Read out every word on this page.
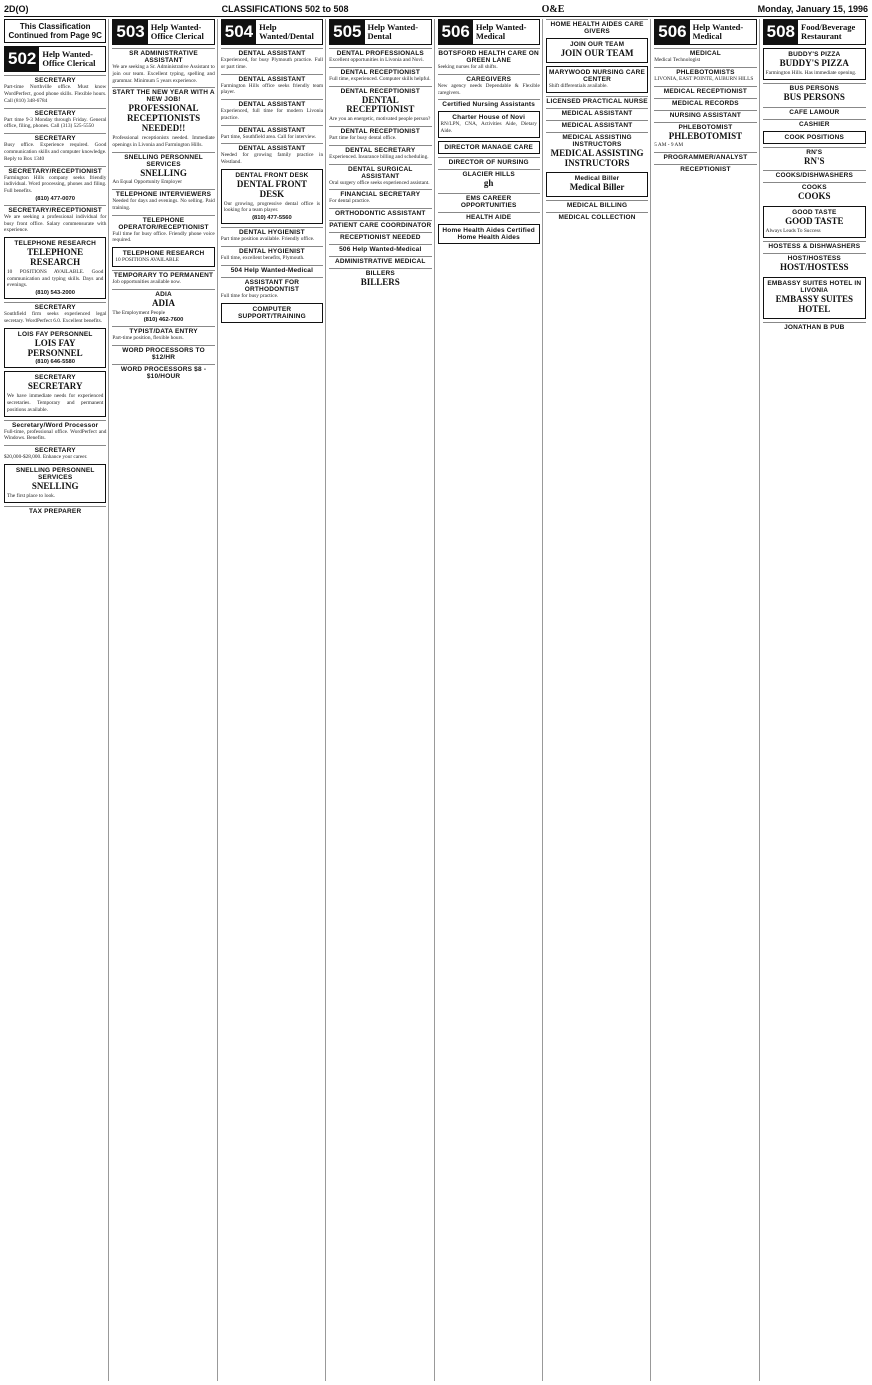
2D(O)	CLASSIFICATIONS 502 to 508	O&E	Monday, January 15, 1996
This Classification Continued from Page 9C
502 Help Wanted- Office Clerical
SECRETARY

Part-time Northville office. Must know WordPerfect, good phone skills. Flexible hours. Call (810) 348-6784

SECRETARY

Part time 9-3 Monday through Friday. General office, filing, phones. Call (313) 525-5550

SECRETARY

Busy office. Experience required. Good communication skills and computer knowledge. Reply to Box 1340

SECRETARY/RECEPTIONIST

Farmington Hills company seeks friendly individual. Word processing, phones and filing. Full benefits.

(810) 477-0070
SECRETARY/RECEPTIONIST

We are seeking a professional individual for busy front office. Salary commensurate with experience.

TELEPHONE RESEARCH
TELEPHONE RESEARCH

10 POSITIONS AVAILABLE. Good communication and typing skills. Days and evenings.

(810) 543-2000
SECRETARY

Southfield firm seeks experienced legal secretary. WordPerfect 6.0. Excellent benefits.

LOIS FAY PERSONNEL
LOIS FAY PERSONNEL
(810) 646-5580
SECRETARY
SECRETARY

We have immediate needs for experienced secretaries. Temporary and permanent positions available.

Secretary/Word Processor

Full-time, professional office. WordPerfect and Windows. Benefits.

SECRETARY

$20,000-$28,000. Enhance your career.

SNELLING PERSONNEL SERVICES
SNELLING

The first place to look.

TAX PREPARER
503 Help Wanted- Office Clerical
SR ADMINISTRATIVE ASSISTANT

We are seeking a Sr. Administrative Assistant to join our team. Excellent typing, spelling and grammar. Minimum 5 years experience.

START THE NEW YEAR WITH A NEW JOB!
PROFESSIONAL RECEPTIONISTS NEEDED!!

Professional receptionists needed. Immediate openings in Livonia and Farmington Hills.

SNELLING PERSONNEL SERVICES
SNELLING

An Equal Opportunity Employer

TELEPHONE INTERVIEWERS

Needed for days and evenings. No selling. Paid training.

TELEPHONE OPERATOR/RECEPTIONIST

Full time for busy office. Friendly phone voice required.

TELEPHONE RESEARCH

10 POSITIONS AVAILABLE

TEMPORARY TO PERMANENT

Job opportunities available now.

ADIA
ADIA

The Employment People

(810) 462-7600
TYPIST/DATA ENTRY

Part-time position, flexible hours.

WORD PROCESSORS TO $12/HR
WORD PROCESSORS $8 - $10/HOUR
504 Help Wanted/Dental
DENTAL ASSISTANT

Experienced, for busy Plymouth practice. Full or part time.

DENTAL ASSISTANT

Farmington Hills office seeks friendly team player.

DENTAL ASSISTANT

Experienced, full time for modern Livonia practice.

DENTAL ASSISTANT

Part time, Southfield area. Call for interview.

DENTAL ASSISTANT

Needed for growing family practice in Westland.

DENTAL FRONT DESK
DENTAL FRONT DESK

Our growing, progressive dental office is looking for a team player.

(810) 477-5560
DENTAL HYGIENIST

Part time position available. Friendly office.

DENTAL HYGIENIST

Full time, excellent benefits, Plymouth.

504 Help Wanted-Medical
ASSISTANT FOR ORTHODONTIST

Full time for busy practice.

COMPUTER SUPPORT/TRAINING
505 Help Wanted-Dental
DENTAL PROFESSIONALS

Excellent opportunities in Livonia and Novi.

DENTAL RECEPTIONIST

Full time, experienced. Computer skills helpful.

DENTAL RECEPTIONIST
DENTAL RECEPTIONIST

Are you an energetic, motivated people person?

DENTAL RECEPTIONIST

Part time for busy dental office.

DENTAL SECRETARY

Experienced. Insurance billing and scheduling.

DENTAL SURGICAL ASSISTANT

Oral surgery office seeks experienced assistant.

FINANCIAL SECRETARY

For dental practice.

ORTHODONTIC ASSISTANT
PATIENT CARE COORDINATOR
RECEPTIONIST NEEDED
506 Help Wanted-Medical
ADMINISTRATIVE MEDICAL
BILLERS
BILLERS
506 Help Wanted- Medical
BOTSFORD HEALTH CARE ON GREEN LANE

Seeking nurses for all shifts.

CAREGIVERS

New agency needs Dependable & Flexible caregivers.

Certified Nursing Assistants
Charter House of Novi

RN/LPN, CNA, Activities Aide, Dietary Aide.

DIRECTOR MANAGE CARE
DIRECTOR OF NURSING
GLACIER HILLS
gh
EMS CAREER OPPORTUNITIES
HEALTH AIDE
Home Health Aides Certified Home Health Aides
HOME HEALTH AIDES CARE GIVERS
JOIN OUR TEAM
JOIN OUR TEAM
MARYWOOD NURSING CARE CENTER

Shift differentials available.

LICENSED PRACTICAL NURSE
MEDICAL ASSISTANT
MEDICAL ASSISTANT
MEDICAL ASSISTING INSTRUCTORS
MEDICAL ASSISTING INSTRUCTORS
Medical Biller
Medical Biller
MEDICAL BILLING
MEDICAL COLLECTION
506 Help Wanted- Medical
MEDICAL

Medical Technologist

PHLEBOTOMISTS

LIVONIA, EAST POINTE, AUBURN HILLS

MEDICAL RECEPTIONIST
MEDICAL RECORDS
NURSING ASSISTANT
PHLEBOTOMIST
PHLEBOTOMIST

5 AM - 9 AM

PROGRAMMER/ANALYST
RECEPTIONIST
508 Food/Beverage Restaurant
BUDDY'S PIZZA
BUDDY'S PIZZA

Farmington Hills. Has immediate opening.

BUS PERSONS
BUS PERSONS
CAFE LAMOUR
CASHIER
COOK POSITIONS
RN'S
RN'S
COOKS/DISHWASHERS
COOKS
COOKS
GOOD TASTE
GOOD TASTE

Always Leads To Success

HOSTESS & DISHWASHERS
HOST/HOSTESS
HOST/HOSTESS
EMBASSY SUITES HOTEL IN LIVONIA
EMBASSY SUITES HOTEL
JONATHAN B PUB
